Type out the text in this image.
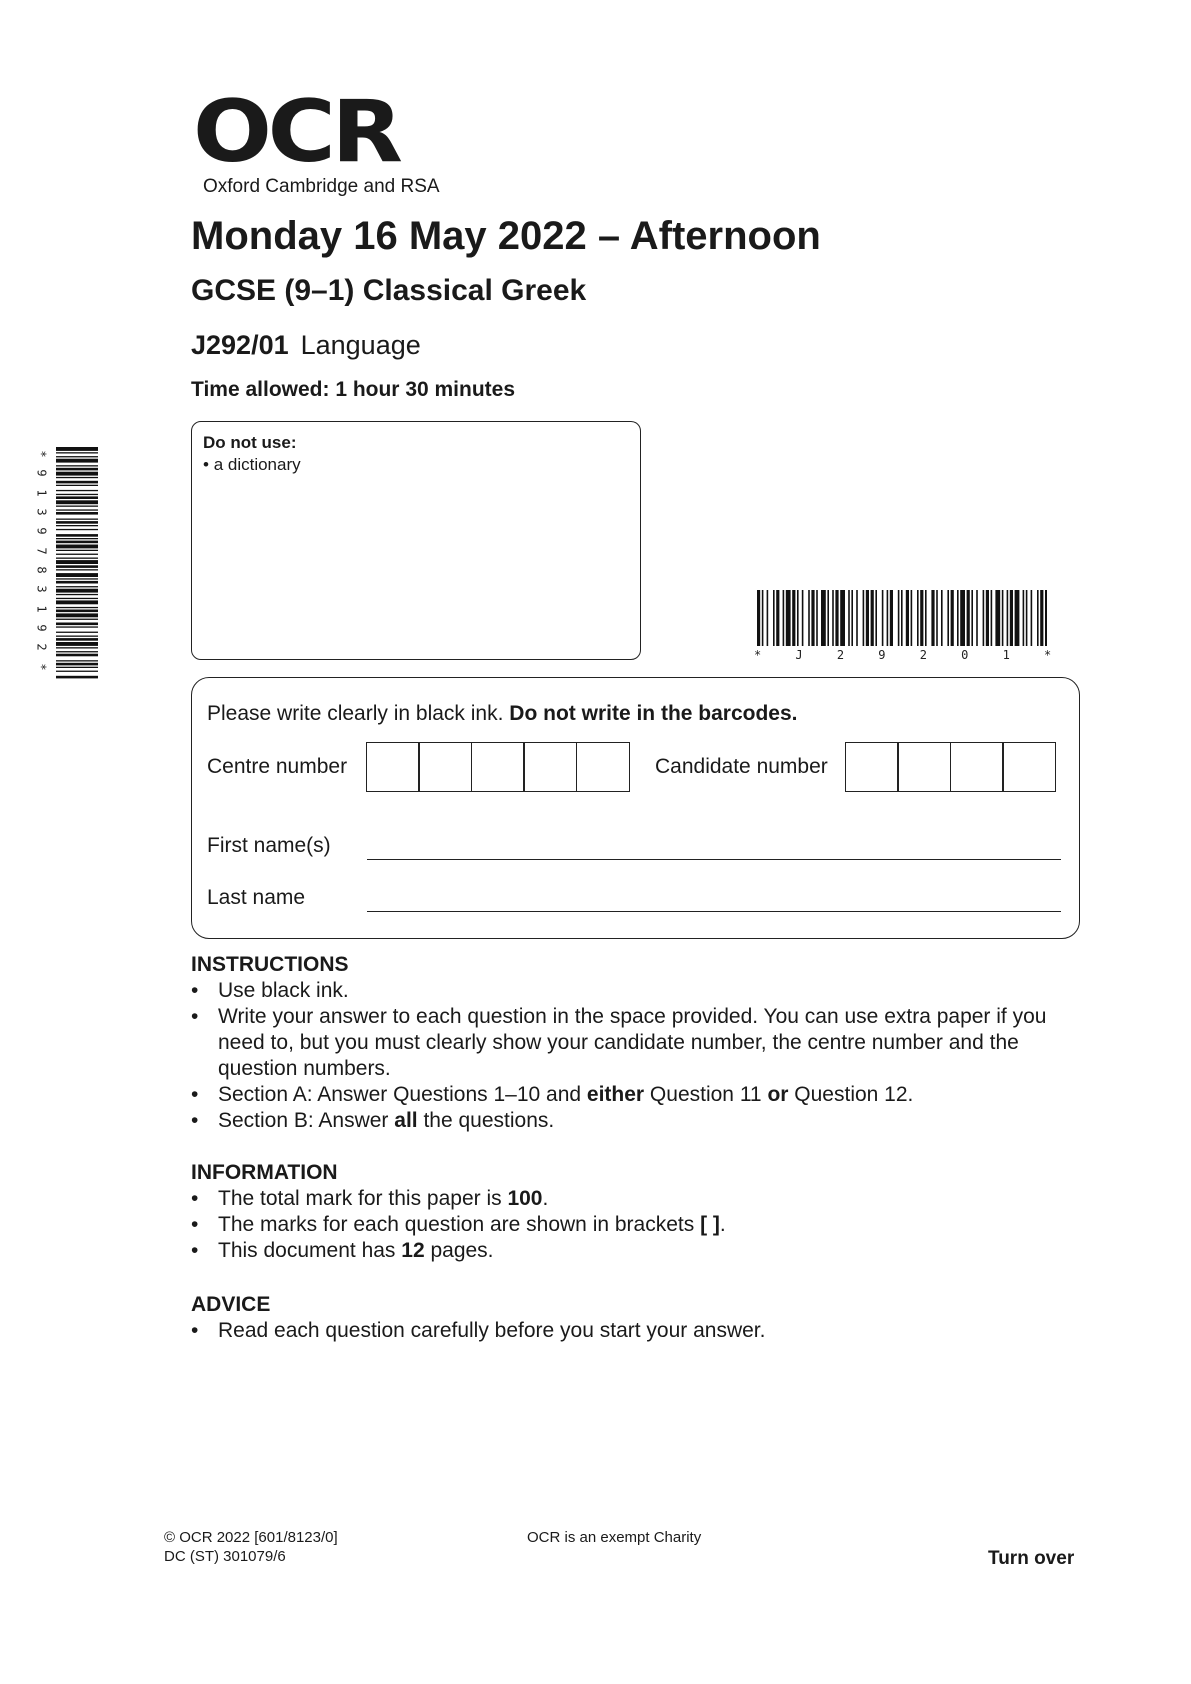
OCR
Oxford Cambridge and RSA
Monday 16 May 2022 – Afternoon
GCSE (9–1) Classical Greek
J292/01 Language
Time allowed: 1 hour 30 minutes
Do not use:
• a dictionary
*
9
1
3
9
7
8
3
1
9
2
*
*	J	2	9	2	0	1	*
Please write clearly in black ink. Do not write in the barcodes.
Centre number	Candidate number
First name(s)
Last name
INSTRUCTIONS
• Use black ink.
• Write your answer to each question in the space provided. You can use extra paper if you need to, but you must clearly show your candidate number, the centre number and the question numbers.
• Section A: Answer Questions 1–10 and either Question 11 or Question 12.
• Section B: Answer all the questions.
INFORMATION
• The total mark for this paper is 100.
• The marks for each question are shown in brackets [ ].
• This document has 12 pages.
ADVICE
• Read each question carefully before you start your answer.
© OCR 2022 [601/8123/0]
DC (ST) 301079/6
OCR is an exempt Charity
Turn over
